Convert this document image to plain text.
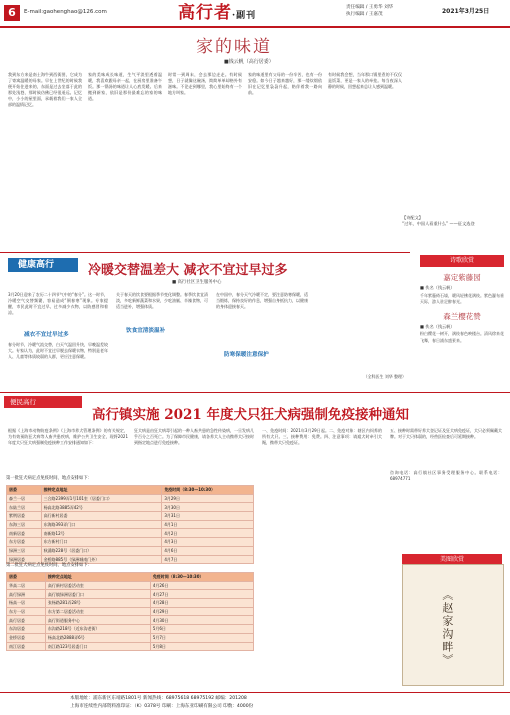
6	E-mail:gaohenghao@126.com	高行者·副刊
责任编辑 / 王勇华 刘华
执行编辑 / 王嘉茂	2021年3月25日
家的味道
■钱云帆（高行居委）
我到东方来是南土海牛到西街图，它成为了寄寓温暖的母家。早在上世纪的时候我便开始住进来的，东面是过去坐落于此的那处浅巷，那时候仿佛已经很遥远。记忆中，小小的屋里面，承载着我们一家人全部的温情记忆。
家的美味成长味道，生气平淡里透着温暖，我喜欢跟母亲一起，在厨房里准备午饭。那一锅汤的味道让人心底发暖。后来搬到新家，依旧是那份最难忘的家的味道。
时常一到周末，会去那边走走。有时候想，日子就像这碗汤，简简单单却格外有滋味。不论走到哪里，我心里始终有一个地方叫家。
家的味道里有父母的一份辛苦，也有一份安稳。如今日子越来越好，那一缕炊烟依旧在记忆里袅袅升起，陪伴着我一路向前。
有时候我会想，当年那口锅里煮的不仅仅是饭菜，更是一家人的牵挂。每当夜深人静的时候，回想起来总让人感到温暖。
【诗配文】
“过年，中国人看重什么” ——征文选登
诗歌欣赏
嘉定紫藤园
■ 佚名（钱云帆）
千年紫藤倚石墙，暖风轻拂花满枝。紫色瀑布垂天际，游人驻足醉春光。
森兰樱花赞
■ 佚名（钱云帆）
粉白樱花一树开，满枝春色映楼台。清风徐来花飞舞，春日浦东盛景来。
健康高行	冷暖交替温差大 减衣不宜过早过多
■ 高行社区卫生服务中心
3月20日迎来了农历二十四节气中的“春分”。这一时节，冷暖空气交替频繁，容易造成“倒春寒”现象。专家提醒，市民此时不宜过早、过多减少衣物，以防感冒和着凉。
减衣不宜过早过多
春分时节，冷暖气流交替，白天气温回升快，早晚温差较大。专家认为，此时不宜过早脱去保暖衣物，特别是老年人、儿童等体质较弱的人群，更应注意保暖。
关于春天的饮食要根据季节变化调整。春季饮食宜清淡，多吃新鲜蔬菜和水果，少吃油腻、辛辣食物，可适当进补，增强体质。
饮食宜清淡温补
在中国中，春分天气冷暖不定，要注意防寒保暖，适当锻炼，保持良好的作息，增强自身抵抗力，以健康的身体迎接春天。
防寒保暖注意保护
（全科医生 刘华 整理）
便民高行
高行镇实施 2021 年度犬只狂犬病强制免疫接种通知
根据《上海市动物防疫条例》《上海市养犬管理条例》的有关规定，为有效预防狂犬病等人畜共患疾病，维护公共卫生安全，现将2021年度犬只狂犬病强制免疫接种工作安排通知如下：
狂犬病是由狂犬病毒引起的一种人畜共患的急性传染病，一旦发病几乎百分之百死亡。为了保障市民健康，请各养犬人主动携带犬只按时到指定地点进行免疫接种。
一、免疫时间：2021年3月29日起。二、免疫对象：辖区内饲养的所有犬只。三、接种费用：免费。四、注意事项：请遛犬时牵引犬绳，携带犬只免疫证。
五、接种时需带好养犬登记证及狂犬病免疫证，犬只必须佩戴犬牌。对于犬只体弱的，经兽医检查后可延期接种。
咨询电话：高行镇社区事务受理服务中心。联系电话：68974771
第一批狂犬病定点免疫时间、地点安排如下：
居委	接种定点地址	免疫时间（8:30—10:30）
森兰一居	三合路2399弄1号101室（居委门口）	3月29日
东陆兰居	杨高北路3885弄42号	3月30日
紫荆居委	高行新村居委	3月31日
东海三居	东海路393弄门口	4月1日
南新居委	南新路12号	4月2日
东方居委	东方新村门口	4月3日
绿洲三居	秋涌路228号（居委门口）	4月6日
绿洲居委	金桥路885号（绿洲城南门外）	4月7日
第二批狂犬病定点免疫时间、地点安排如下：
居委	接种定点地址	免疫时间（8:30—10:30）
华高二居	高行新村居委活动室	4月26日
高行绿洲	高行镇绿洲居委门口	4月27日
杨高一居	张杨路281弄28号	4月28日
东方一居	东方第二居委活动室	4月29日
高行居委	高行街道服务中心	4月30日
东沟居委	东沟路218号（近东沟老街）	5月6日
金桥居委	杨高北路2888弄6号	5月7日
南江居委	南江路123号居委门口	5月8日
美图欣赏
《赵家沟畔》
本版地址：浦东新区东靖路1801号 新闻热线：68975618 68975192 邮编：201208
上海市连续性内部资料准印证：（K）0378号 印刷：上海东亚印刷有限公司 印数：4000份
